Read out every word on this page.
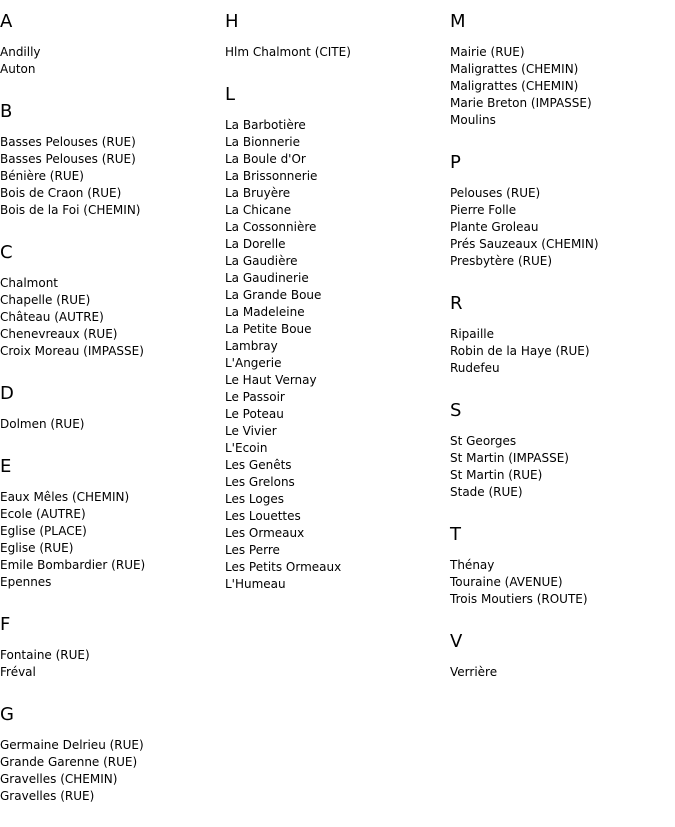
A
Andilly
Auton
B
Basses Pelouses (RUE)
Basses Pelouses (RUE)
Bénière (RUE)
Bois de Craon (RUE)
Bois de la Foi (CHEMIN)
C
Chalmont
Chapelle (RUE)
Château (AUTRE)
Chenevreaux (RUE)
Croix Moreau (IMPASSE)
D
Dolmen (RUE)
E
Eaux Mêles (CHEMIN)
Ecole (AUTRE)
Eglise (PLACE)
Eglise (RUE)
Emile Bombardier (RUE)
Epennes
F
Fontaine (RUE)
Fréval
G
Germaine Delrieu (RUE)
Grande Garenne (RUE)
Gravelles (CHEMIN)
Gravelles (RUE)
H
Hlm Chalmont (CITE)
L
La Barbotière
La Bionnerie
La Boule d'Or
La Brissonnerie
La Bruyère
La Chicane
La Cossonnière
La Dorelle
La Gaudière
La Gaudinerie
La Grande Boue
La Madeleine
La Petite Boue
Lambray
L'Angerie
Le Haut Vernay
Le Passoir
Le Poteau
Le Vivier
L'Ecoin
Les Genêts
Les Grelons
Les Loges
Les Louettes
Les Ormeaux
Les Perre
Les Petits Ormeaux
L'Humeau
M
Mairie (RUE)
Maligrattes (CHEMIN)
Maligrattes (CHEMIN)
Marie Breton (IMPASSE)
Moulins
P
Pelouses (RUE)
Pierre Folle
Plante Groleau
Prés Sauzeaux (CHEMIN)
Presbytère (RUE)
R
Ripaille
Robin de la Haye (RUE)
Rudefeu
S
St Georges
St Martin (IMPASSE)
St Martin (RUE)
Stade (RUE)
T
Thénay
Touraine (AVENUE)
Trois Moutiers (ROUTE)
V
Verrière
